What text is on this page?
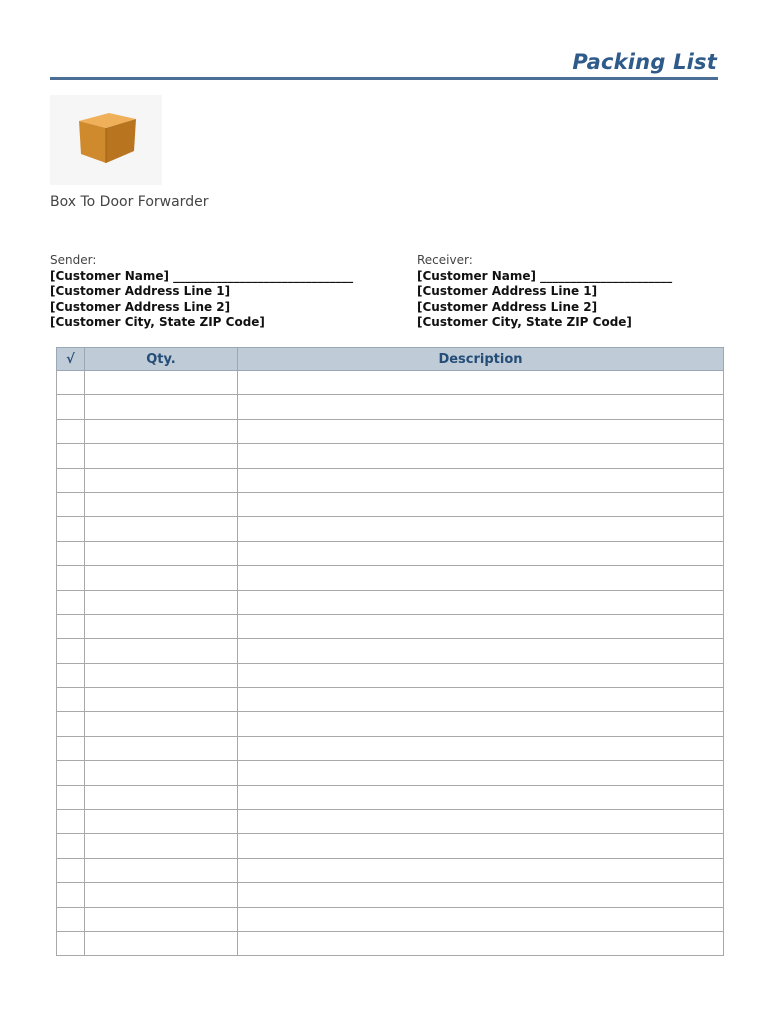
Packing List
Box To Door Forwarder
Sender:
[Customer Name] ______________________________
[Customer Address Line 1]
[Customer Address Line 2]
[Customer City, State ZIP Code]
Receiver:
[Customer Name] ______________________
[Customer Address Line 1]
[Customer Address Line 2]
[Customer City, State ZIP Code]
√	Qty.	Description
